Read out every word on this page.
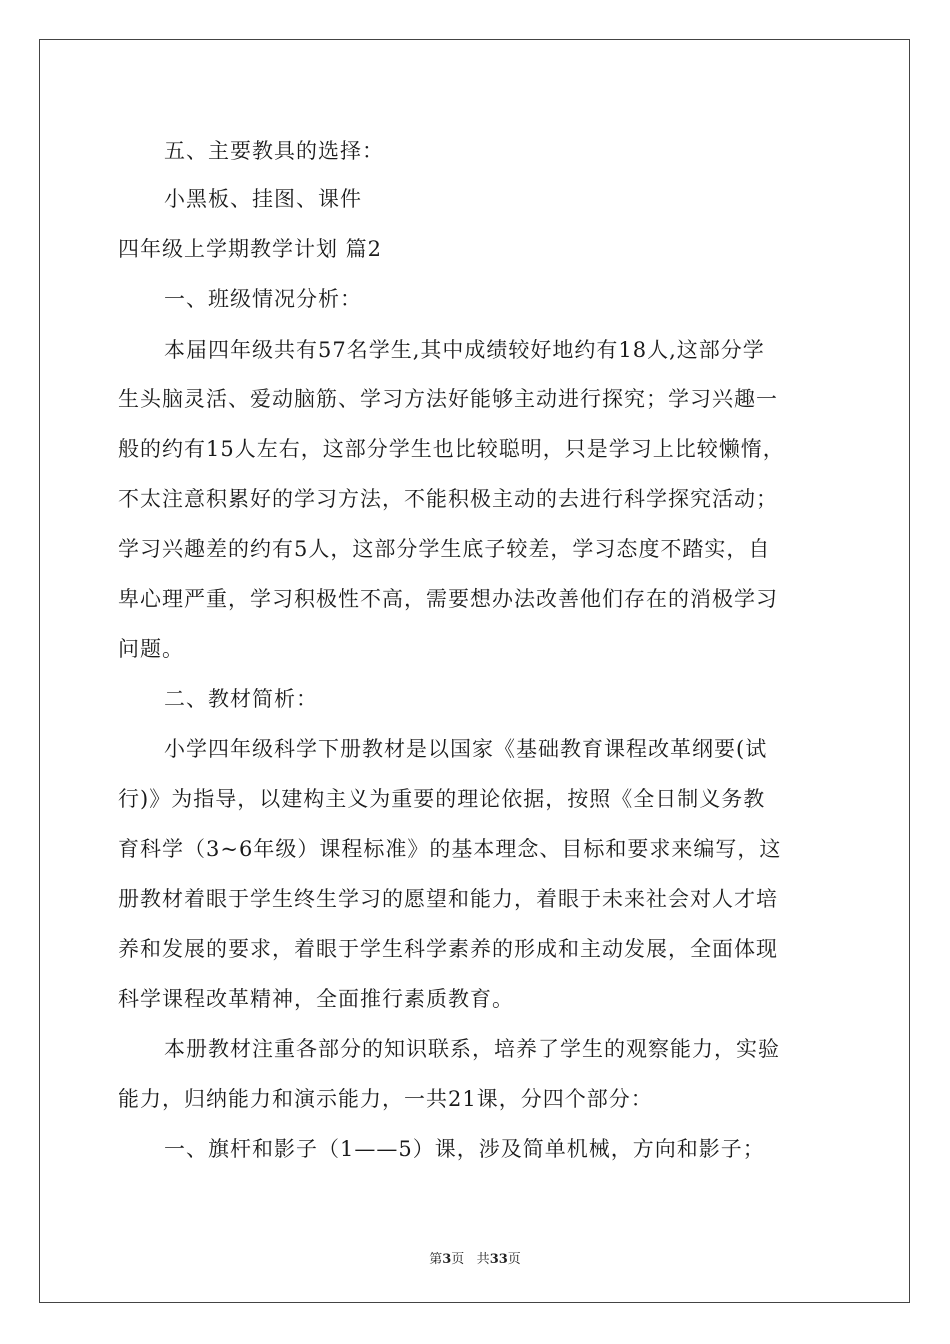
五、主要教具的选择：
小黑板、挂图、课件
四年级上学期教学计划 篇2
一、班级情况分析：
本届四年级共有57名学生,其中成绩较好地约有18人,这部分学
生头脑灵活、爱动脑筋、学习方法好能够主动进行探究；学习兴趣一
般的约有15人左右，这部分学生也比较聪明，只是学习上比较懒惰，
不太注意积累好的学习方法，不能积极主动的去进行科学探究活动；
学习兴趣差的约有5人，这部分学生底子较差，学习态度不踏实，自
卑心理严重，学习积极性不高，需要想办法改善他们存在的消极学习
问题。
二、教材简析：
小学四年级科学下册教材是以国家《基础教育课程改革纲要(试
行)》为指导，以建构主义为重要的理论依据，按照《全日制义务教
育科学（3~6年级）课程标准》的基本理念、目标和要求来编写，这
册教材着眼于学生终生学习的愿望和能力，着眼于未来社会对人才培
养和发展的要求，着眼于学生科学素养的形成和主动发展，全面体现
科学课程改革精神，全面推行素质教育。
本册教材注重各部分的知识联系，培养了学生的观察能力，实验
能力，归纳能力和演示能力，一共21课，分四个部分：
一、旗杆和影子（1——5）课，涉及简单机械，方向和影子；
第3页 共33页
